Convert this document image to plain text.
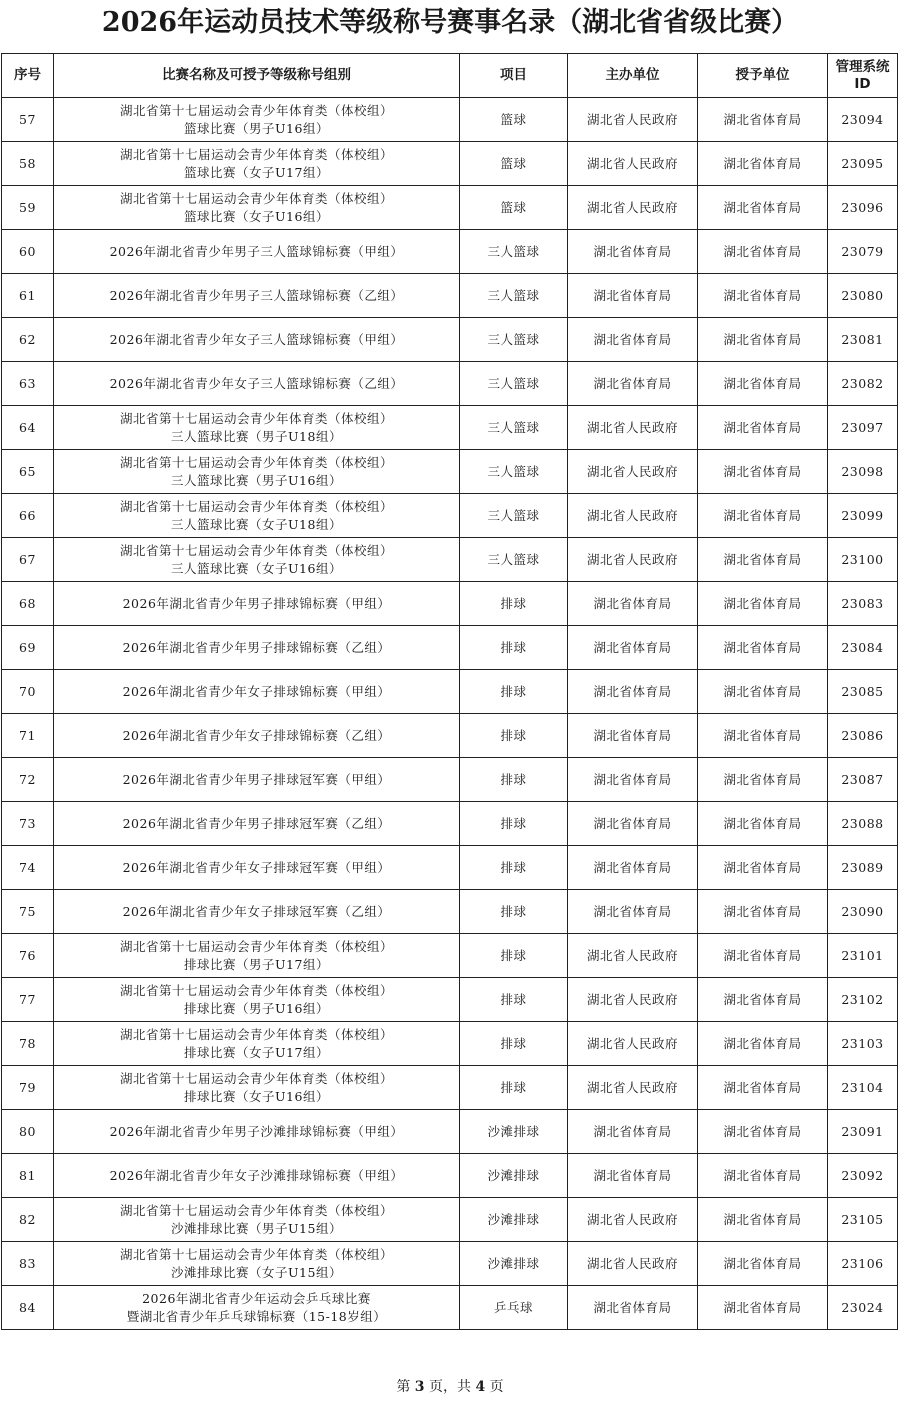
2026年运动员技术等级称号赛事名录（湖北省省级比赛）
序号	比赛名称及可授予等级称号组别	项目	主办单位	授予单位	管理系统
ID

57	湖北省第十七届运动会青少年体育类（体校组）
篮球比赛（男子U16组）	篮球	湖北省人民政府	湖北省体育局	23094
58	湖北省第十七届运动会青少年体育类（体校组）
篮球比赛（女子U17组）	篮球	湖北省人民政府	湖北省体育局	23095
59	湖北省第十七届运动会青少年体育类（体校组）
篮球比赛（女子U16组）	篮球	湖北省人民政府	湖北省体育局	23096
60	2026年湖北省青少年男子三人篮球锦标赛（甲组）	三人篮球	湖北省体育局	湖北省体育局	23079
61	2026年湖北省青少年男子三人篮球锦标赛（乙组）	三人篮球	湖北省体育局	湖北省体育局	23080
62	2026年湖北省青少年女子三人篮球锦标赛（甲组）	三人篮球	湖北省体育局	湖北省体育局	23081
63	2026年湖北省青少年女子三人篮球锦标赛（乙组）	三人篮球	湖北省体育局	湖北省体育局	23082
64	湖北省第十七届运动会青少年体育类（体校组）
三人篮球比赛（男子U18组）	三人篮球	湖北省人民政府	湖北省体育局	23097
65	湖北省第十七届运动会青少年体育类（体校组）
三人篮球比赛（男子U16组）	三人篮球	湖北省人民政府	湖北省体育局	23098
66	湖北省第十七届运动会青少年体育类（体校组）
三人篮球比赛（女子U18组）	三人篮球	湖北省人民政府	湖北省体育局	23099
67	湖北省第十七届运动会青少年体育类（体校组）
三人篮球比赛（女子U16组）	三人篮球	湖北省人民政府	湖北省体育局	23100
68	2026年湖北省青少年男子排球锦标赛（甲组）	排球	湖北省体育局	湖北省体育局	23083
69	2026年湖北省青少年男子排球锦标赛（乙组）	排球	湖北省体育局	湖北省体育局	23084
70	2026年湖北省青少年女子排球锦标赛（甲组）	排球	湖北省体育局	湖北省体育局	23085
71	2026年湖北省青少年女子排球锦标赛（乙组）	排球	湖北省体育局	湖北省体育局	23086
72	2026年湖北省青少年男子排球冠军赛（甲组）	排球	湖北省体育局	湖北省体育局	23087
73	2026年湖北省青少年男子排球冠军赛（乙组）	排球	湖北省体育局	湖北省体育局	23088
74	2026年湖北省青少年女子排球冠军赛（甲组）	排球	湖北省体育局	湖北省体育局	23089
75	2026年湖北省青少年女子排球冠军赛（乙组）	排球	湖北省体育局	湖北省体育局	23090
76	湖北省第十七届运动会青少年体育类（体校组）
排球比赛（男子U17组）	排球	湖北省人民政府	湖北省体育局	23101
77	湖北省第十七届运动会青少年体育类（体校组）
排球比赛（男子U16组）	排球	湖北省人民政府	湖北省体育局	23102
78	湖北省第十七届运动会青少年体育类（体校组）
排球比赛（女子U17组）	排球	湖北省人民政府	湖北省体育局	23103
79	湖北省第十七届运动会青少年体育类（体校组）
排球比赛（女子U16组）	排球	湖北省人民政府	湖北省体育局	23104
80	2026年湖北省青少年男子沙滩排球锦标赛（甲组）	沙滩排球	湖北省体育局	湖北省体育局	23091
81	2026年湖北省青少年女子沙滩排球锦标赛（甲组）	沙滩排球	湖北省体育局	湖北省体育局	23092
82	湖北省第十七届运动会青少年体育类（体校组）
沙滩排球比赛（男子U15组）	沙滩排球	湖北省人民政府	湖北省体育局	23105
83	湖北省第十七届运动会青少年体育类（体校组）
沙滩排球比赛（女子U15组）	沙滩排球	湖北省人民政府	湖北省体育局	23106
84	2026年湖北省青少年运动会乒乓球比赛
暨湖北省青少年乒乓球锦标赛（15-18岁组）	乒乓球	湖北省体育局	湖北省体育局	23024
第 3 页，共 4 页
